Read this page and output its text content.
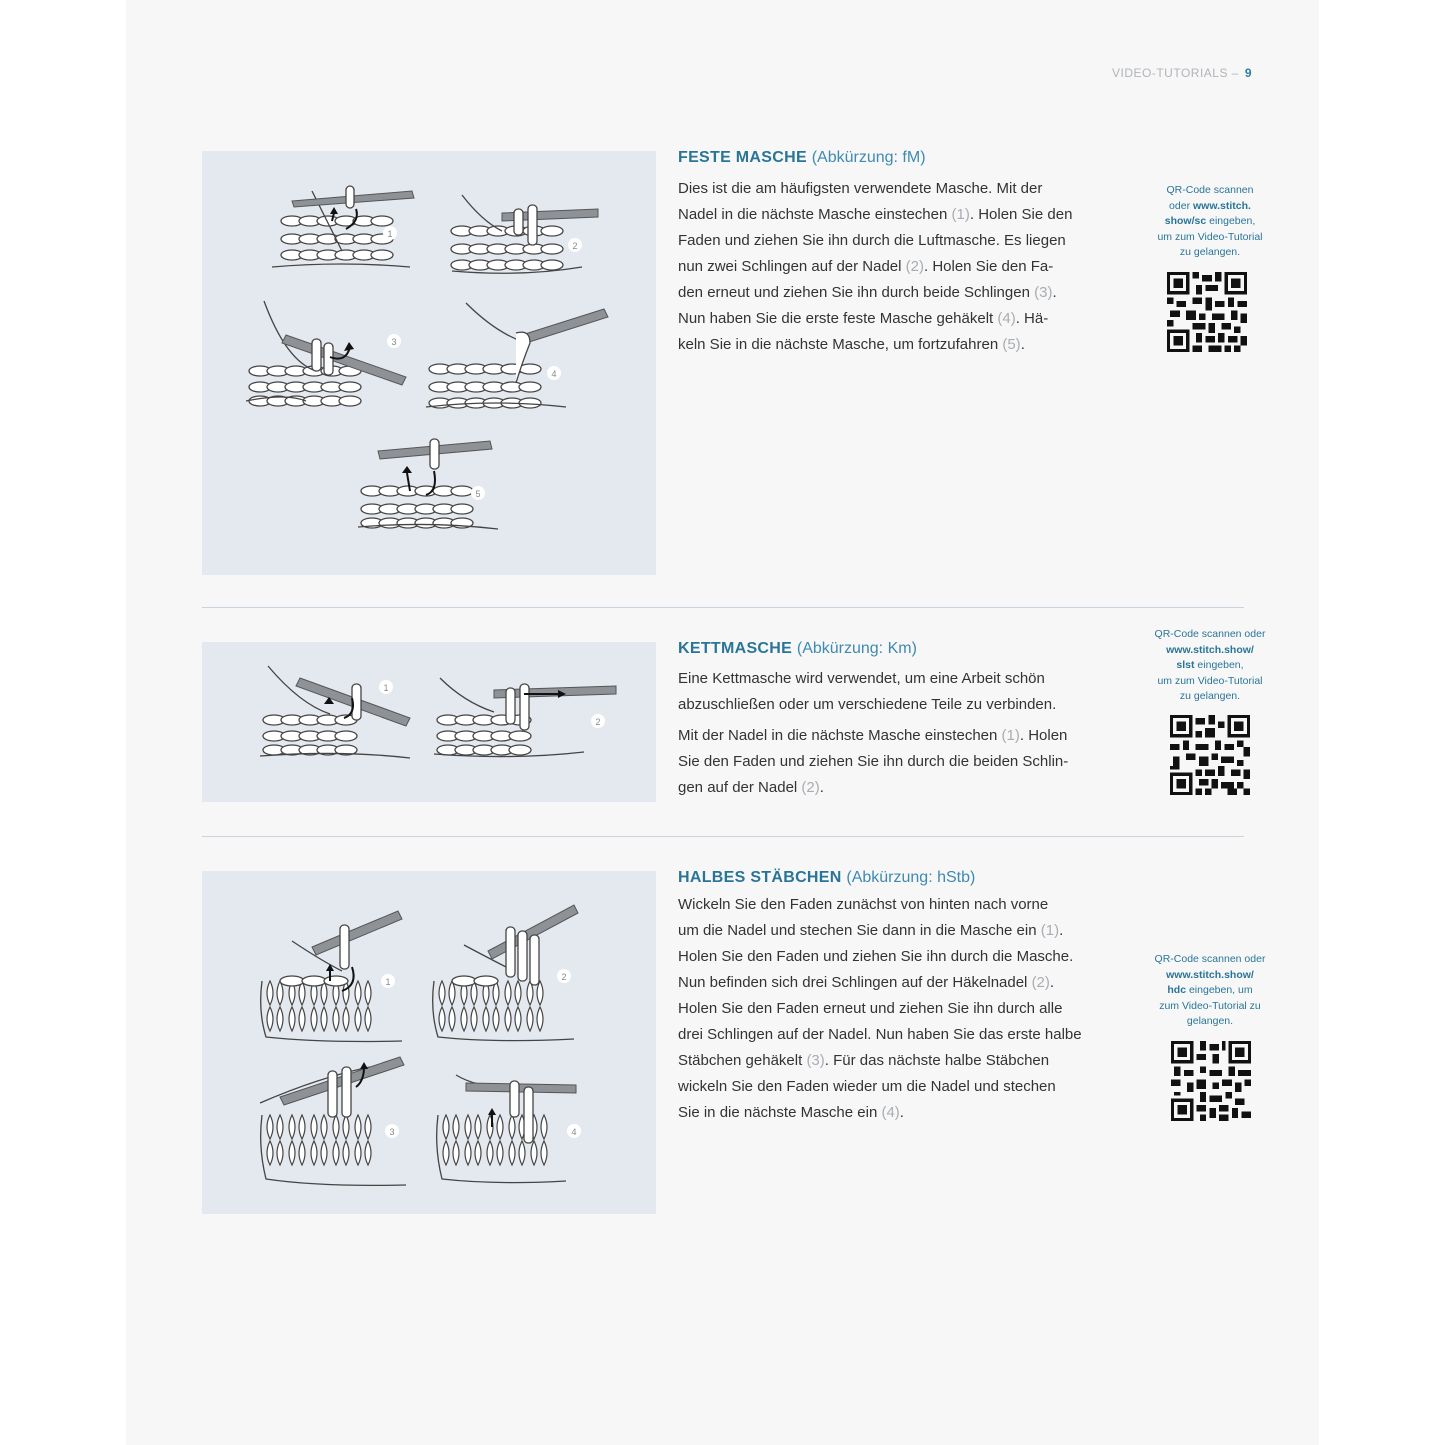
VIDEO-TUTORIALS – 9
1
2
3
4
5
FESTE MASCHE (Abkürzung: fM)

Dies ist die am häufigsten verwendete Masche. Mit der

Nadel in die nächste Masche einstechen (1). Holen Sie den

Faden und ziehen Sie ihn durch die Luftmasche. Es liegen

nun zwei Schlingen auf der Nadel (2). Holen Sie den Fa-

den erneut und ziehen Sie ihn durch beide Schlingen (3).

Nun haben Sie die erste feste Masche gehäkelt (4). Hä-

keln Sie in die nächste Masche, um fortzufahren (5).

QR-Code scannen
oder www.stitch.
show/sc eingeben,
um zum Video-Tutorial
zu gelangen.
1
2
KETTMASCHE (Abkürzung: Km)

Eine Kettmasche wird verwendet, um eine Arbeit schön

abzuschließen oder um verschiedene Teile zu verbinden.

Mit der Nadel in die nächste Masche einstechen (1). Holen

Sie den Faden und ziehen Sie ihn durch die beiden Schlin-

gen auf der Nadel (2).

QR-Code scannen oder
www.stitch.show/
slst eingeben,
um zum Video-Tutorial
zu gelangen.
1	2
3	4
HALBES STÄBCHEN (Abkürzung: hStb)

Wickeln Sie den Faden zunächst von hinten nach vorne

um die Nadel und stechen Sie dann in die Masche ein (1).

Holen Sie den Faden und ziehen Sie ihn durch die Masche.

Nun befinden sich drei Schlingen auf der Häkelnadel (2).

Holen Sie den Faden erneut und ziehen Sie ihn durch alle

drei Schlingen auf der Nadel. Nun haben Sie das erste halbe

Stäbchen gehäkelt (3). Für das nächste halbe Stäbchen

wickeln Sie den Faden wieder um die Nadel und stechen

Sie in die nächste Masche ein (4).

QR-Code scannen oder
www.stitch.show/
hdc eingeben, um
zum Video-Tutorial zu
gelangen.
